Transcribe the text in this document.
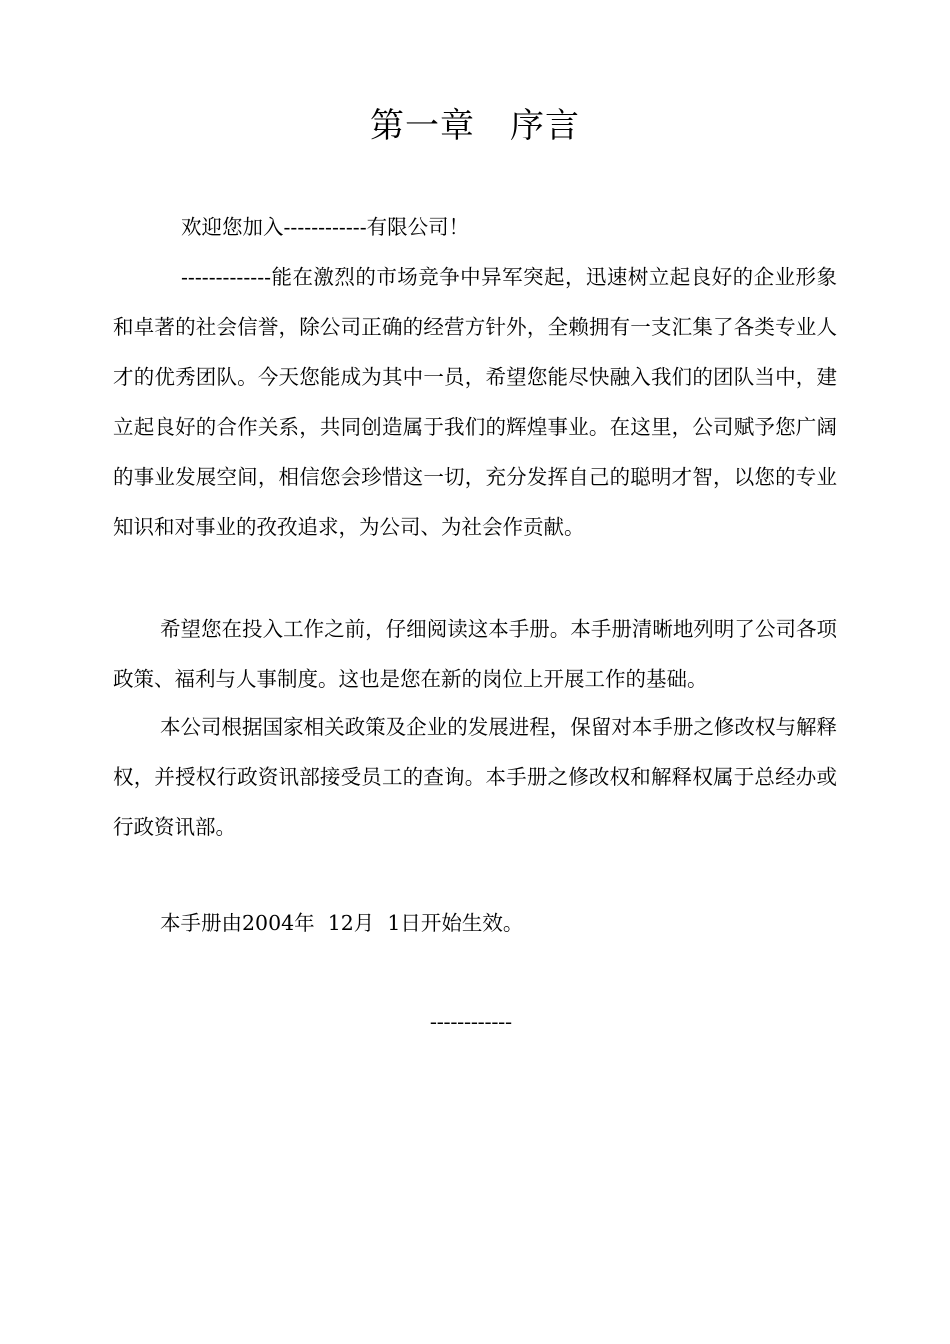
第一章　序言

欢迎您加入------------有限公司！

-------------能在激烈的市场竞争中异军突起，迅速树立起良好的企业形象和卓著的社会信誉，除公司正确的经营方针外，全赖拥有一支汇集了各类专业人才的优秀团队。今天您能成为其中一员，希望您能尽快融入我们的团队当中，建立起良好的合作关系，共同创造属于我们的辉煌事业。在这里，公司赋予您广阔的事业发展空间，相信您会珍惜这一切，充分发挥自己的聪明才智，以您的专业知识和对事业的孜孜追求，为公司、为社会作贡献。

希望您在投入工作之前，仔细阅读这本手册。本手册清晰地列明了公司各项政策、福利与人事制度。这也是您在新的岗位上开展工作的基础。

本公司根据国家相关政策及企业的发展进程，保留对本手册之修改权与解释权，并授权行政资讯部接受员工的查询。本手册之修改权和解释权属于总经办或行政资讯部。

本手册由2004年  12月  1日开始生效。

------------
